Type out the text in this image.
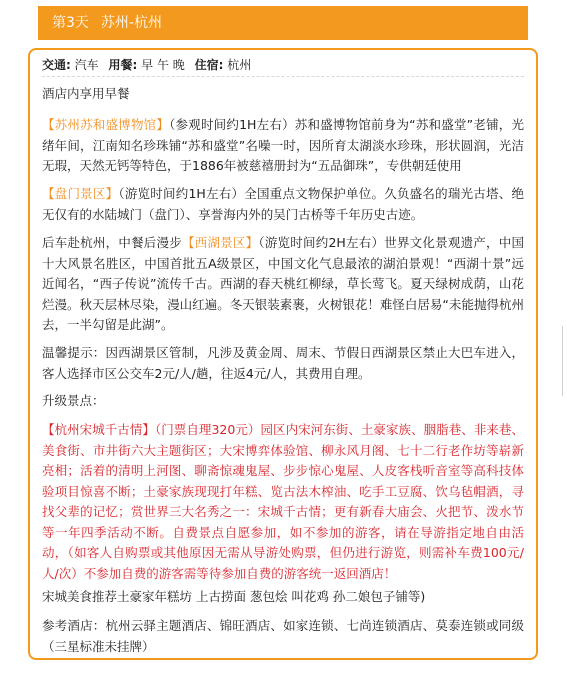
第3天 苏州-杭州
交通: 汽车 用餐: 早 午 晚 住宿: 杭州

酒店内享用早餐

【苏州苏和盛博物馆】（参观时间约1H左右）苏和盛博物馆前身为“苏和盛堂”老铺，光绪年间，江南知名珍珠铺“苏和盛堂”名噪一时，因所育太湖淡水珍珠，形状圆润，光洁无瑕，天然无钙等特色，于1886年被慈禧册封为“五品御珠”，专供朝廷使用

【盘门景区】（游览时间约1H左右）全国重点文物保护单位。久负盛名的瑞光古塔、绝无仅有的水陆城门（盘门）、享誉海内外的吴门古桥等千年历史古迹。

后车赴杭州，中餐后漫步【西湖景区】（游览时间约2H左右）世界文化景观遗产，中国十大风景名胜区，中国首批五A级景区，中国文化气息最浓的湖泊景观！“西湖十景”远近闻名，“西子传说”流传千古。西湖的春天桃红柳绿，草长莺飞。夏天绿树成荫，山花烂漫。秋天层林尽染，漫山红遍。冬天银装素裹，火树银花！难怪白居易“未能抛得杭州去，一半勾留是此湖”。

温馨提示：因西湖景区管制，凡涉及黄金周、周末、节假日西湖景区禁止大巴车进入，客人选择市区公交车2元/人/趟，往返4元/人，其费用自理。

升级景点：

【杭州宋城千古情】（门票自理320元）园区内宋河东街、土豪家族、胭脂巷、非来巷、美食街、市井街六大主题街区；大宋博弈体验馆、柳永风月阁、七十二行老作坊等崭新亮相；活着的清明上河图、聊斋惊魂鬼屋、步步惊心鬼屋、人皮客栈听音室等高科技体验项目惊喜不断；土豪家族现现打年糕、览古法木榨油、吃手工豆腐、饮乌毡帽酒，寻找父辈的记忆；赏世界三大名秀之一：宋城千古情；更有新春大庙会、火把节、泼水节等一年四季活动不断。自费景点自愿参加，如不参加的游客，请在导游指定地自由活动，（如客人自购票或其他原因无需从导游处购票，但仍进行游览，则需补车费100元/人/次）不参加自费的游客需等待参加自费的游客统一返回酒店！

宋城美食推荐土豪家年糕坊 上古捞面 葱包烩 叫花鸡 孙二娘包子铺等)

参考酒店：杭州云驿主题酒店、锦旺酒店、如家连锁、七尚连锁酒店、莫泰连锁或同级（三星标准未挂牌）
